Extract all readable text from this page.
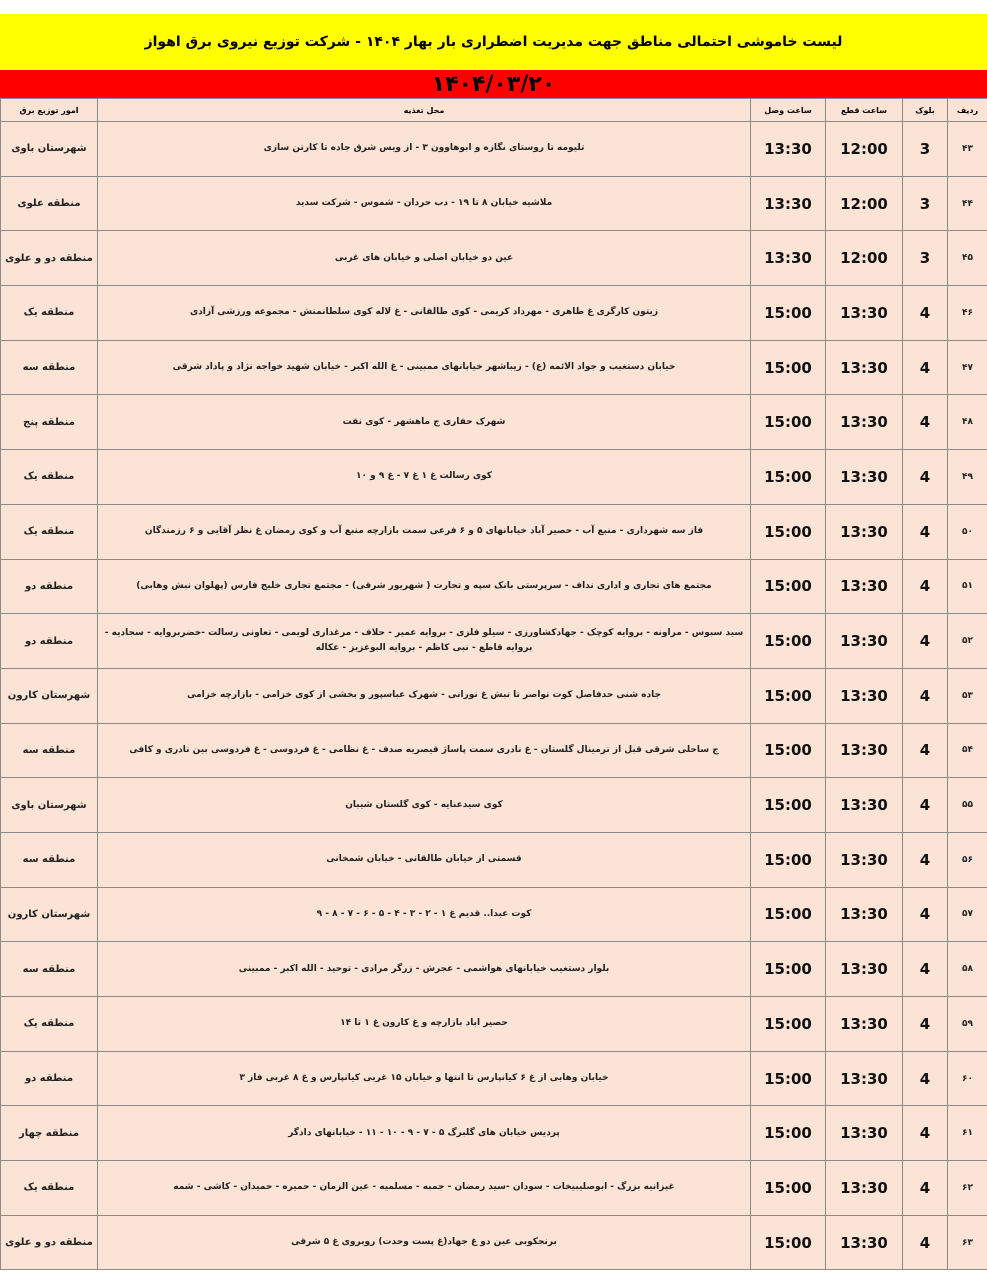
لیست خاموشی احتمالی مناطق جهت مدیریت اضطراری بار بهار ۱۴۰۴ - شرکت توزیع نیروی برق اهواز
۱۴۰۴/۰۳/۲۰
ردیف	بلوک	ساعت قطع	ساعت وصل	محل تغذیه	امور توزیع برق
۴۳	3	12:00	13:30	تلیومه تا روستای نگازه و ابوهاوون ۳ - از ویس شرق جاده تا کارتن سازی	شهرستان باوی
۴۴	3	12:00	13:30	ملاشیه خیابان ۸ تا ۱۹ - دب حردان - شموس - شرکت سدید	منطقه علوی
۴۵	3	12:00	13:30	عین دو خیابان اصلی و خیابان های غربی	منطقه دو و علوی
۴۶	4	13:30	15:00	زیتون کارگری غ طاهری - مهرداد کریمی - کوی طالقانی - غ لاله کوی سلطانمنش - مجموعه ورزشی آزادی	منطقه یک
۴۷	4	13:30	15:00	خیابان دستغیب و جواد الائمه (ع) - زیباشهر خیابانهای ممبینی - غ الله اکبر - خیابان شهید خواجه نژاد و پاداد شرقی	منطقه سه
۴۸	4	13:30	15:00	شهرک حفاری ج ماهشهر - کوی نفت	منطقه پنج
۴۹	4	13:30	15:00	کوی رسالت غ ۱ غ ۷ - غ ۹ و ۱۰	منطقه یک
۵۰	4	13:30	15:00	فاز سه شهرداری - منبع آب - حصیر آباد خیابانهای ۵ و ۶ فرعی سمت بازارچه منبع آب و کوی رمضان غ نظر آقایی و ۶ رزمندگان	منطقه یک
۵۱	4	13:30	15:00	مجتمع های تجاری و اداری نداف - سرپرستی بانک سپه و تجارت ( شهریور شرقی) - مجتمع تجاری خلیج فارس (پهلوان نبش وهابی)	منطقه دو
۵۲	4	13:30	15:00	سید سبوس - مراونه - بروایه کوچک - جهادکشاورزی - سیلو فلزی - بروایه عمیر - حلاف - مرغداری لویمی - تعاونی رسالت -خضربروایه - سجادیه - بروایه قاطع - نبی کاظم - بروایه البوعزیز - عکاله	منطقه دو
۵۳	4	13:30	15:00	جاده شنی حدفاصل کوت نواصر تا نبش غ نورانی - شهرک عباسپور و بخشی از کوی خزامی - بازارچه خزامی	شهرستان کارون
۵۴	4	13:30	15:00	ج ساحلی شرقی قبل از ترمینال گلستان - غ نادری سمت پاساژ قیصریه صدف - غ نظامی - غ فردوسی - غ فردوسی بین نادری و کافی	منطقه سه
۵۵	4	13:30	15:00	کوی سیدعنایه - کوی گلستان شیبان	شهرستان باوی
۵۶	4	13:30	15:00	قسمتی از خیابان طالقانی - خیابان شمخانی	منطقه سه
۵۷	4	13:30	15:00	کوت عبدا.. قدیم غ ۱ - ۲ - ۳ - ۴ - ۵ - ۶ - ۷ - ۸ - ۹	شهرستان کارون
۵۸	4	13:30	15:00	بلوار دستغیب خیابانهای هواشمی - عجرش - زرگر مرادی - توحید - الله اکبر - ممبینی	منطقه سه
۵۹	4	13:30	15:00	حصیر اباد بازارچه و غ کارون غ ۱ تا ۱۴	منطقه یک
۶۰	4	13:30	15:00	خیابان وهابی از غ ۶ کیانپارس تا انتها و خیابان ۱۵ غربی کیانپارس و غ ۸ غربی فاز ۳	منطقه دو
۶۱	4	13:30	15:00	پردیس خیابان های گلبرگ ۵ - ۷ - ۹ - ۱۰ - ۱۱ - خیابانهای دادگر	منطقه چهار
۶۲	4	13:30	15:00	غیزانیه بزرگ - ابوصلیبیخات - سودان -سید رمضان - جمبه - مسلمیه - عین الزمان - حمیره - حمیدان - کاشی - شمه	منطقه یک
۶۳	4	13:30	15:00	برنجکوبی عین دو غ جهاد(غ پست وحدت) روبروی غ ۵ شرقی	منطقه دو و علوی
